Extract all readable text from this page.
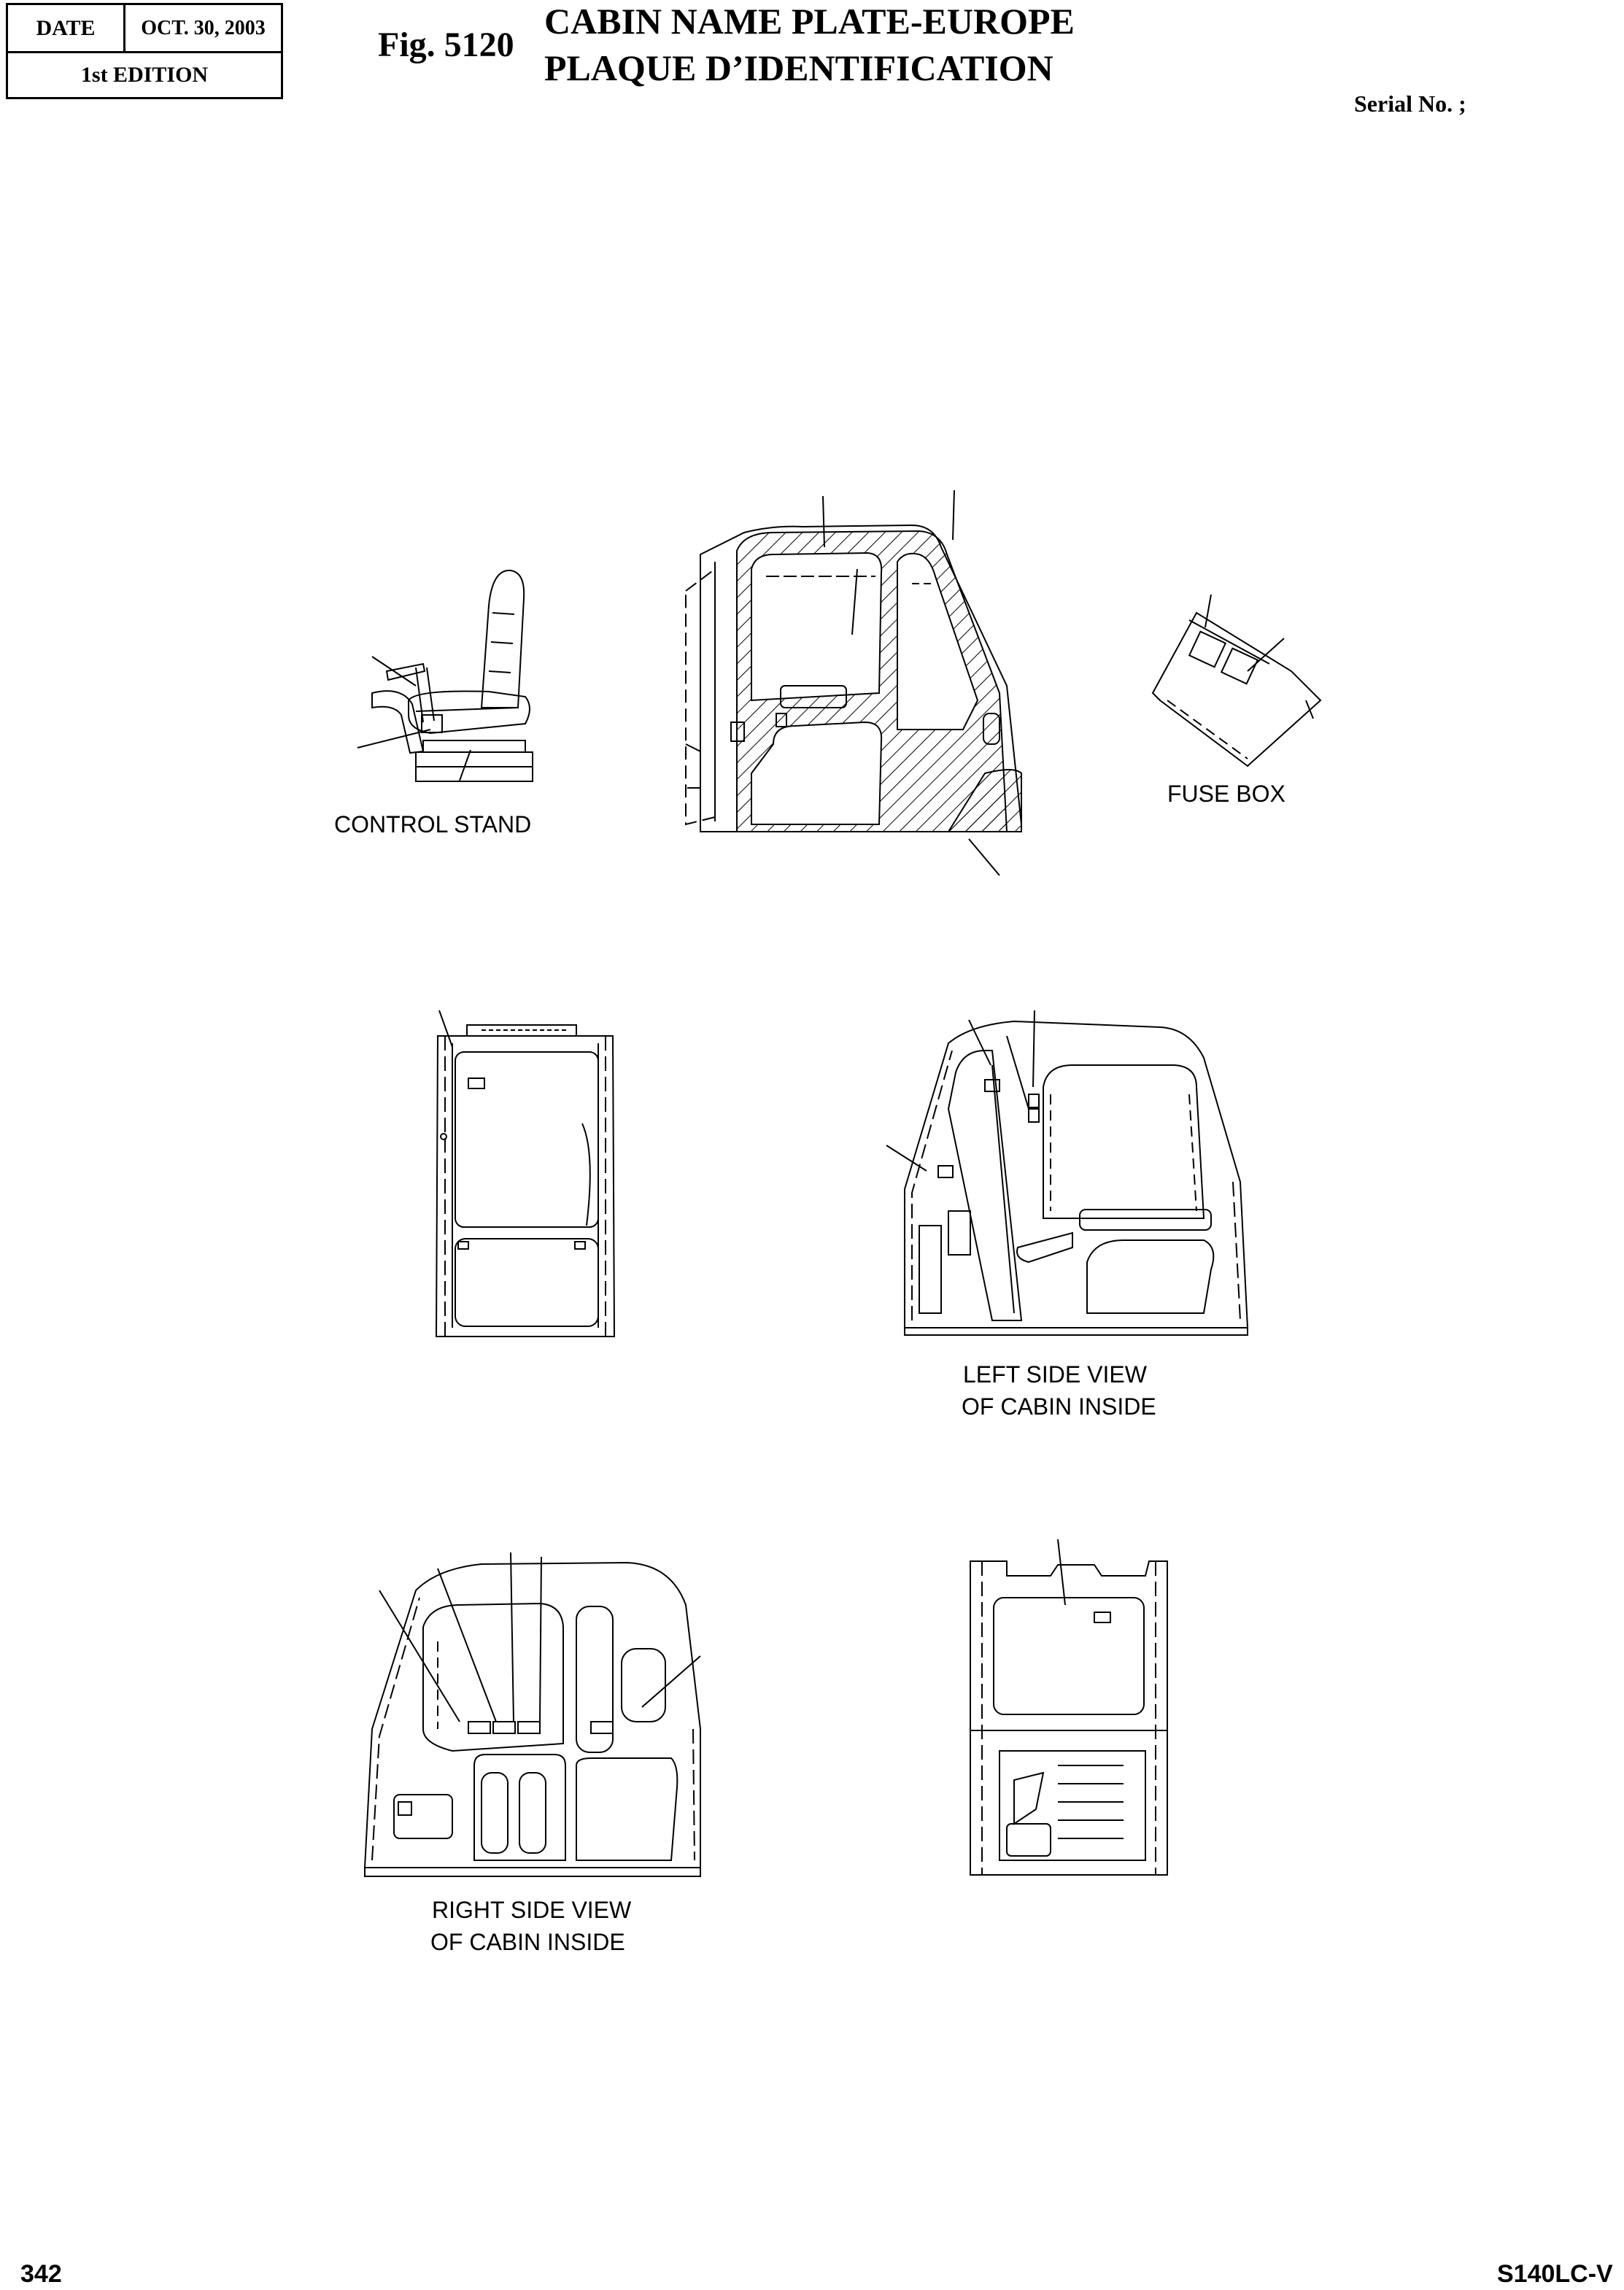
DATE	OCT. 30, 2003
1st EDITION
Fig. 5120
CABIN NAME PLATE-EUROPE
PLAQUE D’IDENTIFICATION
Serial No. ;
CONTROL STAND
FUSE BOX
LEFT SIDE VIEW
OF CABIN INSIDE
RIGHT SIDE VIEW
OF CABIN INSIDE
342	S140LC-V
